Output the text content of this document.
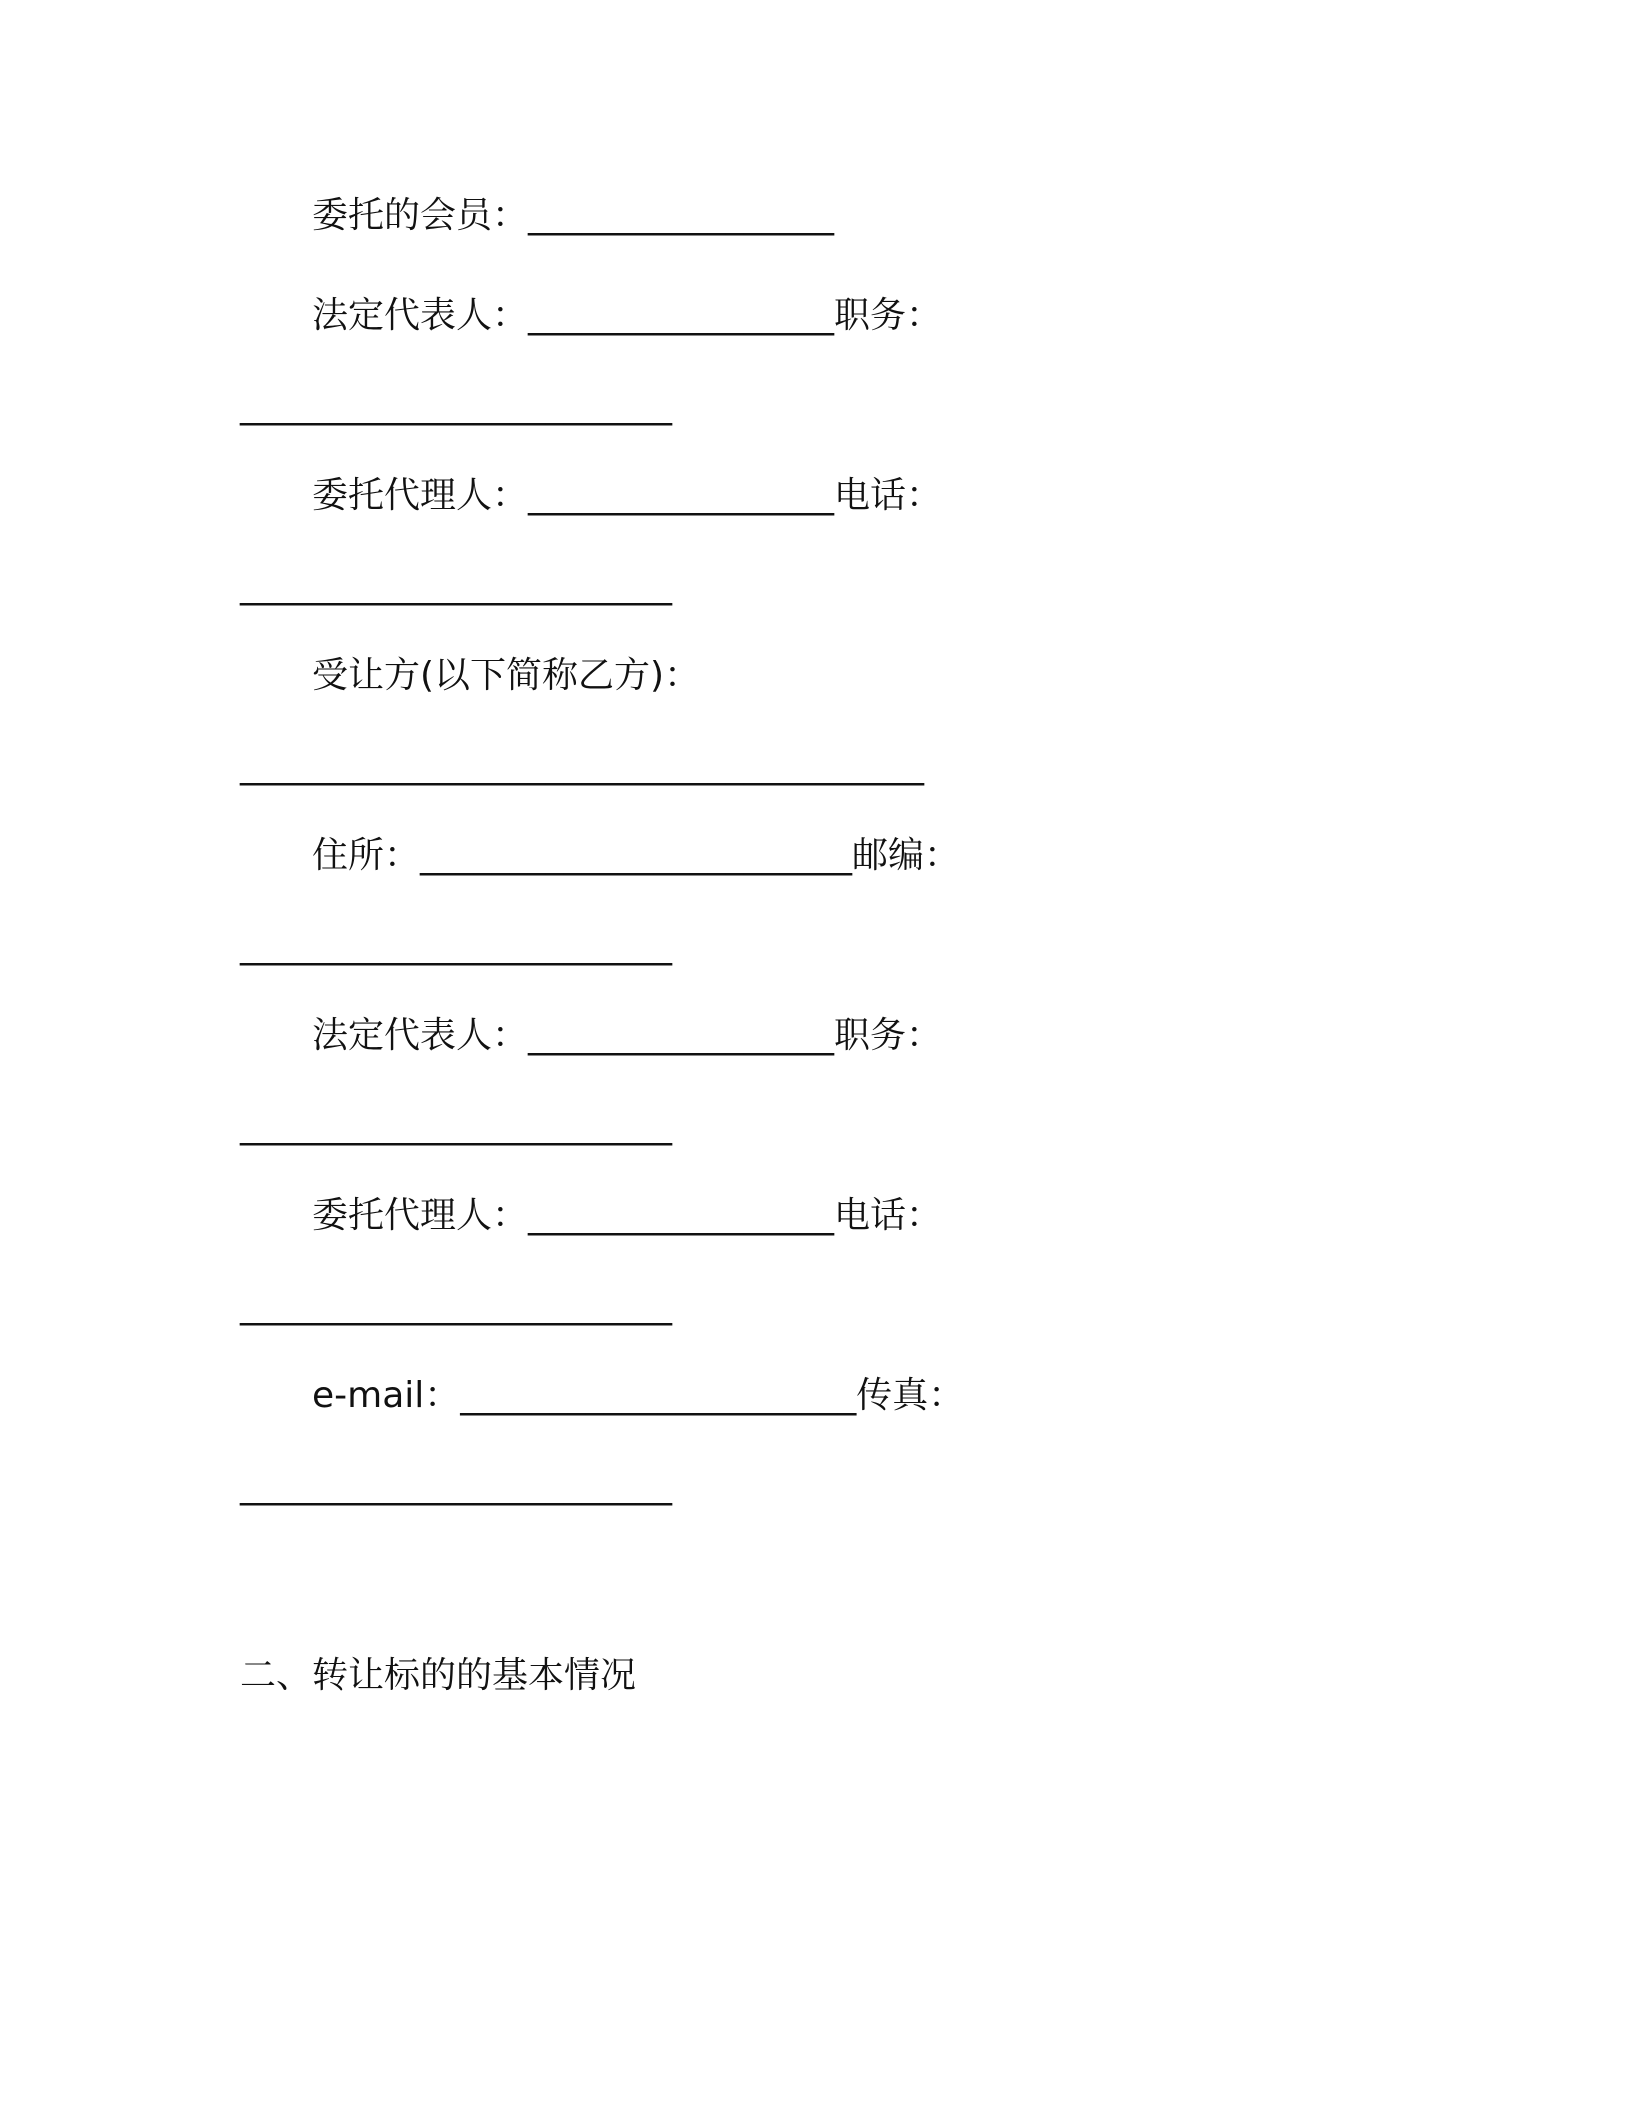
委托的会员：_________________
法定代表人：_________________职务：
________________________
委托代理人：_________________电话：
________________________
受让方(以下简称乙方)：
______________________________________
住所：________________________邮编：
________________________
法定代表人：_________________职务：
________________________
委托代理人：_________________电话：
________________________
e-mail：______________________传真：
________________________
二、转让标的的基本情况
